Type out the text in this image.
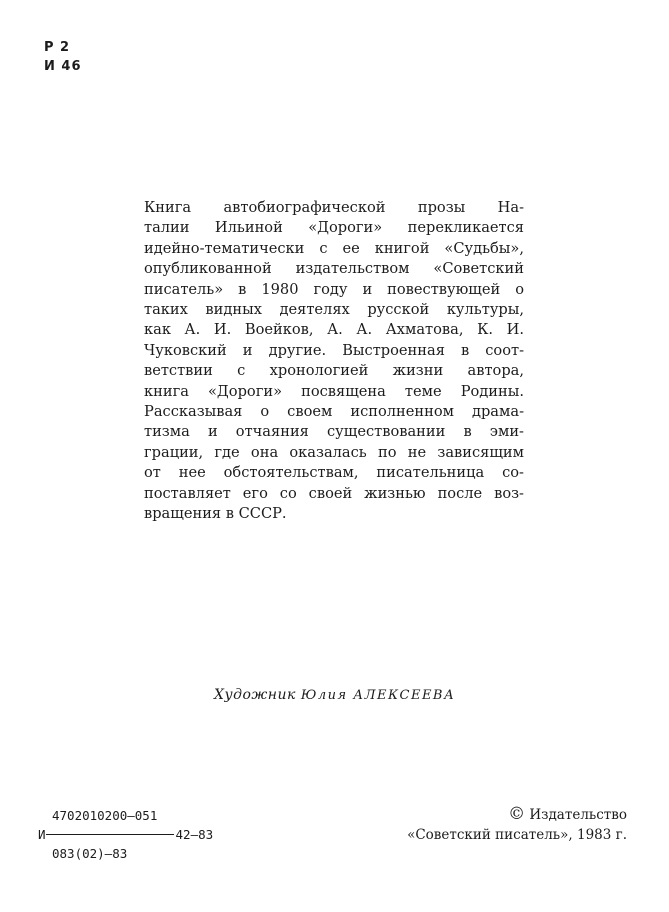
Р 2
И 46
Книга автобиографической прозы На-
талии Ильиной «Дороги» перекликается
идейно-тематически с ее книгой «Судьбы»,
опубликованной издательством «Советский
писатель» в 1980 году и повествующей о
таких видных деятелях русской культуры,
как А. И. Воейков, А. А. Ахматова, К. И.
Чуковский и другие. Выстроенная в соот-
ветствии с хронологией жизни автора,
книга «Дороги» посвящена теме Родины.
Рассказывая о своем исполненном драма-
тизма и отчаяния существовании в эми-
грации, где она оказалась по не зависящим
от нее обстоятельствам, писательница со-
поставляет его со своей жизнью после воз-
вращения в СССР.
Художник Юлия АЛЕКСЕЕВА
4702010200—051
И	42—83
083(02)—83
© Издательство
«Советский писатель», 1983 г.
